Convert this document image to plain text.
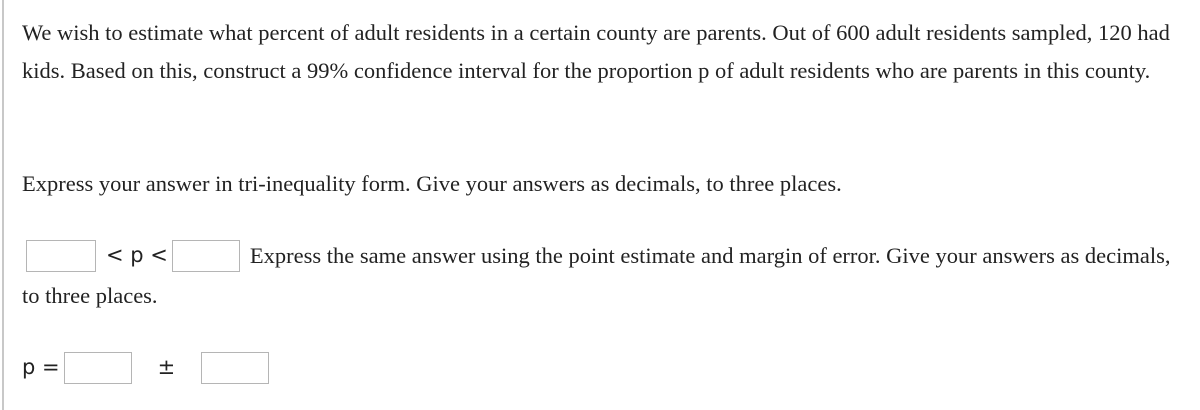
We wish to estimate what percent of adult residents in a certain county are parents. Out of 600 adult residents sampled, 120 had kids. Based on this, construct a 99% confidence interval for the proportion p of adult residents who are parents in this county.

Express your answer in tri-inequality form. Give your answers as decimals, to three places.

< p <	Express the same answer using the point estimate and margin of error. Give your answers as decimals, to three places.

p =	±
